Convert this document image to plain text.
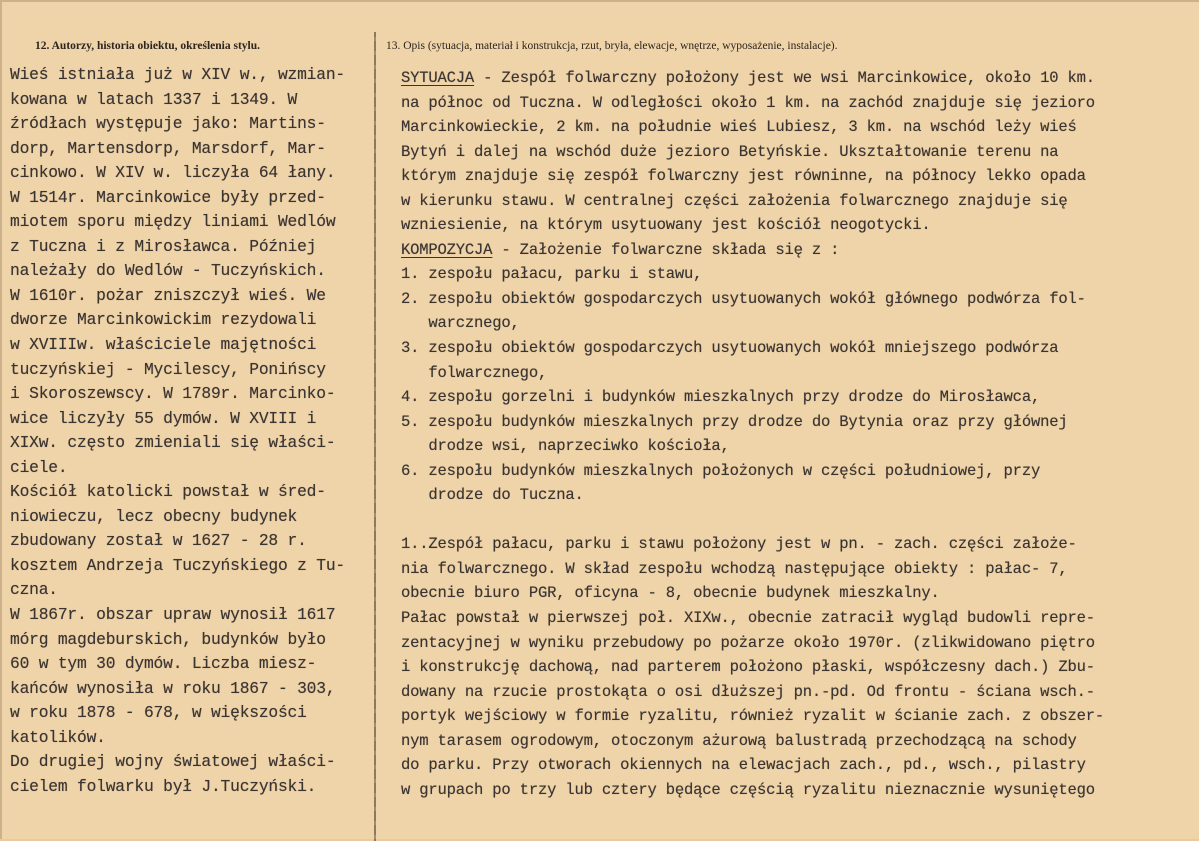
12. Autorzy, historia obiektu, określenia stylu.	13. Opis (sytuacja, materiał i konstrukcja, rzut, bryła, elewacje, wnętrze, wyposażenie, instalacje).
Wieś istniała już w XIV w., wzmian-
kowana w latach 1337 i 1349. W
źródłach występuje jako: Martins-
dorp, Martensdorp, Marsdorf, Mar-
cinkowo. W XIV w. liczyła 64 łany.
W 1514r. Marcinkowice były przed-
miotem sporu między liniami Wedlów
z Tuczna i z Mirosławca. Później
należały do Wedlów - Tuczyńskich.
W 1610r. pożar zniszczył wieś. We
dworze Marcinkowickim rezydowali
w XVIIIw. właściciele majętności
tuczyńskiej - Mycilescy, Ponińscy
i Skoroszewscy. W 1789r. Marcinko-
wice liczyły 55 dymów. W XVIII i
XIXw. często zmieniali się właści-
ciele.
Kościół katolicki powstał w śred-
niowieczu, lecz obecny budynek
zbudowany został w 1627 - 28 r.
kosztem Andrzeja Tuczyńskiego z Tu-
czna.
W 1867r. obszar upraw wynosił 1617
mórg magdeburskich, budynków było
60 w tym 30 dymów. Liczba miesz-
kańców wynosiła w roku 1867 - 303,
w roku 1878 - 678, w większości
katolików.
Do drugiej wojny światowej właści-
cielem folwarku był J.Tuczyński.
SYTUACJA - Zespół folwarczny położony jest we wsi Marcinkowice, około 10 km.
na północ od Tuczna. W odległości około 1 km. na zachód znajduje się jezioro
Marcinkowieckie, 2 km. na południe wieś Lubiesz, 3 km. na wschód leży wieś
Bytyń i dalej na wschód duże jezioro Betyńskie. Ukształtowanie terenu na
którym znajduje się zespół folwarczny jest równinne, na północy lekko opada
w kierunku stawu. W centralnej części założenia folwarcznego znajduje się
wzniesienie, na którym usytuowany jest kościół neogotycki.
KOMPOZYCJA - Założenie folwarczne składa się z :
1. zespołu pałacu, parku i stawu,
2. zespołu obiektów gospodarczych usytuowanych wokół głównego podwórza fol-
warcznego,
3. zespołu obiektów gospodarczych usytuowanych wokół mniejszego podwórza
folwarcznego,
4. zespołu gorzelni i budynków mieszkalnych przy drodze do Mirosławca,
5. zespołu budynków mieszkalnych przy drodze do Bytynia oraz przy głównej
drodze wsi, naprzeciwko kościoła,
6. zespołu budynków mieszkalnych położonych w części południowej, przy
drodze do Tuczna.
1..Zespół pałacu, parku i stawu położony jest w pn. - zach. części założe-
nia folwarcznego. W skład zespołu wchodzą następujące obiekty : pałac- 7,
obecnie biuro PGR, oficyna - 8, obecnie budynek mieszkalny.
Pałac powstał w pierwszej poł. XIXw., obecnie zatracił wygląd budowli repre-
zentacyjnej w wyniku przebudowy po pożarze około 1970r. (zlikwidowano piętro
i konstrukcję dachową, nad parterem położono płaski, współczesny dach.) Zbu-
dowany na rzucie prostokąta o osi dłuższej pn.-pd. Od frontu - ściana wsch.-
portyk wejściowy w formie ryzalitu, również ryzalit w ścianie zach. z obszer-
nym tarasem ogrodowym, otoczonym ażurową balustradą przechodzącą na schody
do parku. Przy otworach okiennych na elewacjach zach., pd., wsch., pilastry
w grupach po trzy lub cztery będące częścią ryzalitu nieznacznie wysuniętego
